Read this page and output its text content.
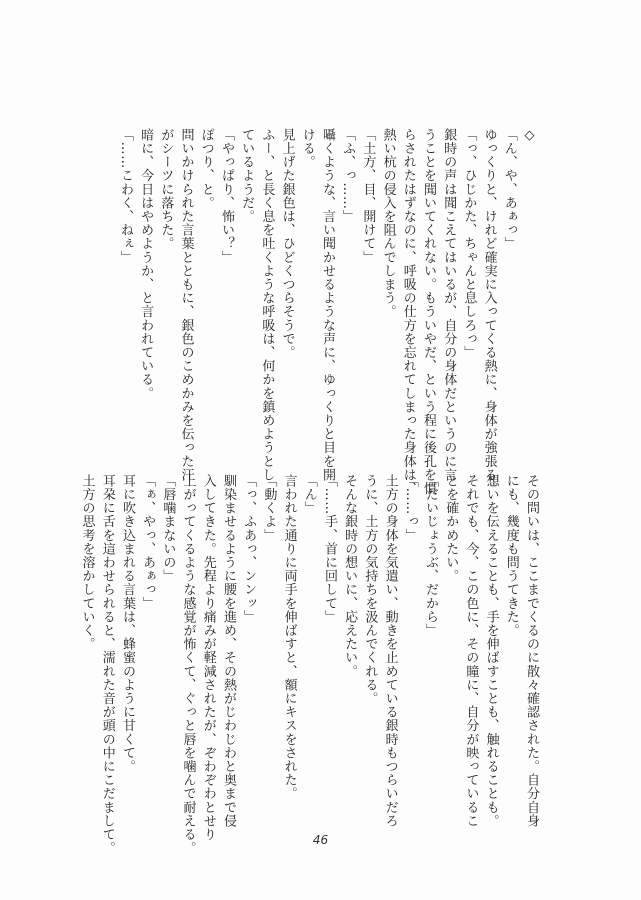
◇
「ん、や、あぁっ」
ゆっくりと、けれど確実に入ってくる熱に、身体が強張る。
「っ、ひじかた、ちゃんと息しろっ」
銀時の声は聞こえてはいるが、自分の身体だというのに言
うことを聞いてくれない。もういやだ、という程に後孔を慣
らされたはずなのに、呼吸の仕方を忘れてしまった身体は、
熱い杭の侵入を阻んでしまう。
「土方、目、開けて」
「ふ、っ……」
囁くような、言い聞かせるような声に、ゆっくりと目を開
ける。
見上げた銀色は、ひどくつらそうで。
ふー、と長く息を吐くような呼吸は、何かを鎮めようとし
ているようだ。
「やっぱり、怖い？」
ぽつり、と。
問いかけられた言葉とともに、銀色のこめかみを伝った汗
がシーツに落ちた。
暗に、今日はやめようか、と言われている。
「……こわく、ねぇ」
その問いは、ここまでくるのに散々確認された。自分自身
にも、幾度も問うてきた。
想いを伝えることも、手を伸ばすことも、触れることも。
それでも、今、この色に、その瞳に、自分が映っているこ
とを確かめたい。
「だいじょうぶ、だから」
「……っ」
土方の身体を気遣い、動きを止めている銀時もつらいだろ
うに、土方の気持ちを汲んでくれる。
そんな銀時の想いに、応えたい。
「……手、首に回して」
「ん」
言われた通りに両手を伸ばすと、額にキスをされた。
「動くよ」
「っ、ふあっ、ンンッ」
馴染ませるように腰を進め、その熱がじわじわと奥まで侵
入してきた。先程より痛みが軽減されたが、ぞわぞわとせり
上がってくるような感覚が怖くて、ぐっと唇を噛んで耐える。
「唇噛まないの」
「ぁ、やっ、あぁっ」
耳に吹き込まれる言葉は、蜂蜜のように甘くて。
耳朶に舌を這わせられると、濡れた音が頭の中にこだまして。
土方の思考を溶かしていく。
46
